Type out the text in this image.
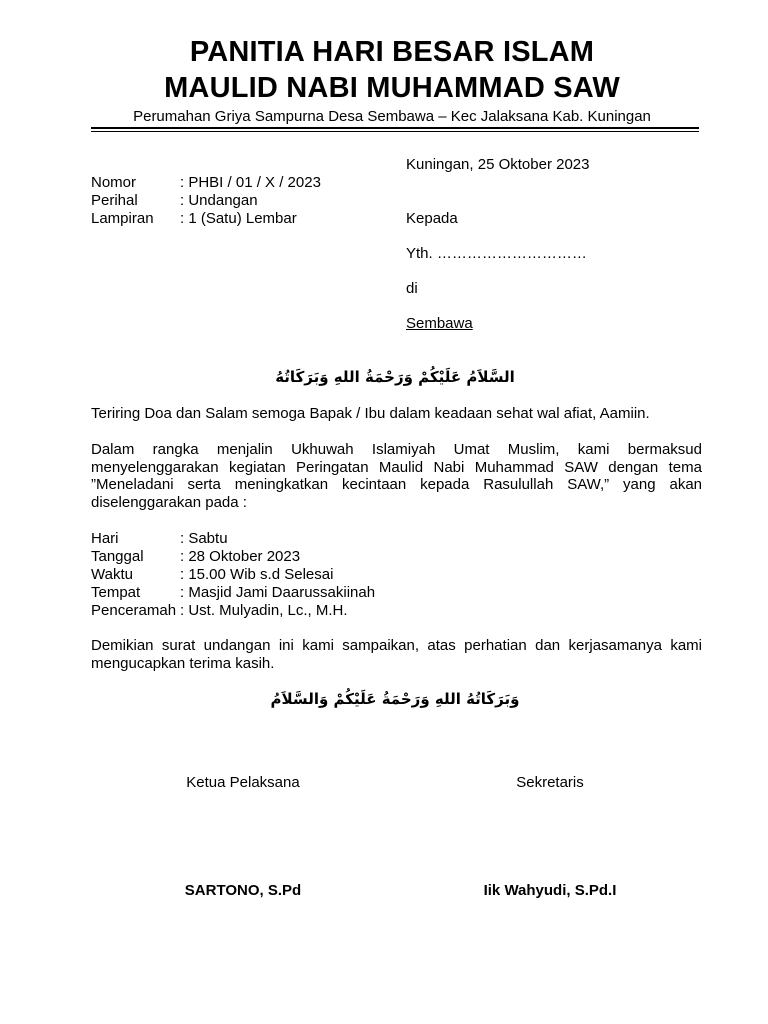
PANITIA HARI BESAR ISLAM
MAULID NABI MUHAMMAD SAW
Perumahan Griya Sampurna Desa Sembawa – Kec Jalaksana Kab. Kuningan
Kuningan, 25 Oktober 2023
Nomor	: PHBI / 01 / X / 2023
Perihal	: Undangan
Lampiran : 1 (Satu) Lembar	Kepada
Yth. …………………………
di
Sembawa
السَّلاَمُ عَلَيْكُمْ وَرَحْمَةُ اللهِ وَبَرَكَاتُهُ
Teriring Doa dan Salam semoga Bapak / Ibu dalam keadaan sehat wal afiat, Aamiin.
Dalam rangka menjalin Ukhuwah Islamiyah Umat Muslim, kami bermaksud menyelenggarakan kegiatan Peringatan Maulid Nabi Muhammad SAW dengan tema ”Meneladani serta meningkatkan kecintaan kepada Rasulullah SAW,” yang akan diselenggarakan pada :
Hari	: Sabtu
Tanggal : 28 Oktober 2023
Waktu	: 15.00 Wib s.d Selesai
Tempat	: Masjid Jami Daarussakiinah
Penceramah : Ust. Mulyadin, Lc., M.H.
Demikian surat undangan ini kami sampaikan, atas perhatian dan kerjasamanya kami mengucapkan terima kasih.
وَبَرَكَاتُهُ اللهِ وَرَحْمَةُ عَلَيْكُمْ وَالسَّلاَمُ
Ketua Pelaksana
SARTONO, S.Pd
Sekretaris
Iik Wahyudi, S.Pd.I
